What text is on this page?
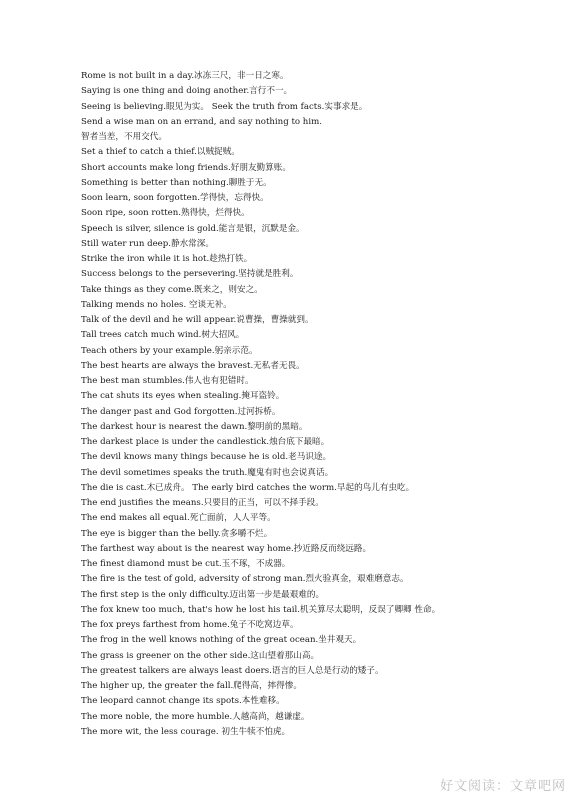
Rome is not built in a day.冰冻三尺，非一日之寒。
Saying is one thing and doing another.言行不一。
Seeing is believing.眼见为实。 Seek the truth from facts.实事求是。
Send a wise man on an errand, and say nothing to him.
智者当差，不用交代。
Set a thief to catch a thief.以贼捉贼。
Short accounts make long friends.好朋友勤算账。
Something is better than nothing.聊胜于无。
Soon learn, soon forgotten.学得快，忘得快。
Soon ripe, soon rotten.熟得快，烂得快。
Speech is silver, silence is gold.能言是银，沉默是金。
Still water run deep.静水常深。
Strike the iron while it is hot.趁热打铁。
Success belongs to the persevering.坚持就是胜利。
Take things as they come.既来之，则安之。
Talking mends no holes. 空谈无补。
Talk of the devil and he will appear.说曹操，曹操就到。
Tall trees catch much wind.树大招风。
Teach others by your example.躬亲示范。
The best hearts are always the bravest.无私者无畏。
The best man stumbles.伟人也有犯错时。
The cat shuts its eyes when stealing.掩耳盗铃。
The danger past and God forgotten.过河拆桥。
The darkest hour is nearest the dawn.黎明前的黑暗。
The darkest place is under the candlestick.烛台底下最暗。
The devil knows many things because he is old.老马识途。
The devil sometimes speaks the truth.魔鬼有时也会说真话。
The die is cast.木已成舟。 The early bird catches the worm.早起的鸟儿有虫吃。
The end justifies the means.只要目的正当，可以不择手段。
The end makes all equal.死亡面前，人人平等。
The eye is bigger than the belly.贪多嚼不烂。
The farthest way about is the nearest way home.抄近路反而绕远路。
The finest diamond must be cut.玉不琢，不成器。
The fire is the test of gold, adversity of strong man.烈火验真金，艰难磨意志。
The first step is the only difficulty.迈出第一步是最艰难的。
The fox knew too much, that's how he lost his tail.机关算尽太聪明，反误了卿卿 性命。
The fox preys farthest from home.兔子不吃窝边草。
The frog in the well knows nothing of the great ocean.坐井观天。
The grass is greener on the other side.这山望着那山高。
The greatest talkers are always least doers.语言的巨人总是行动的矮子。
The higher up, the greater the fall.爬得高，摔得惨。
The leopard cannot change its spots.本性难移。
The more noble, the more humble.人越高尚，越谦虚。
The more wit, the less courage. 初生牛犊不怕虎。
好文阅读：文章吧网
